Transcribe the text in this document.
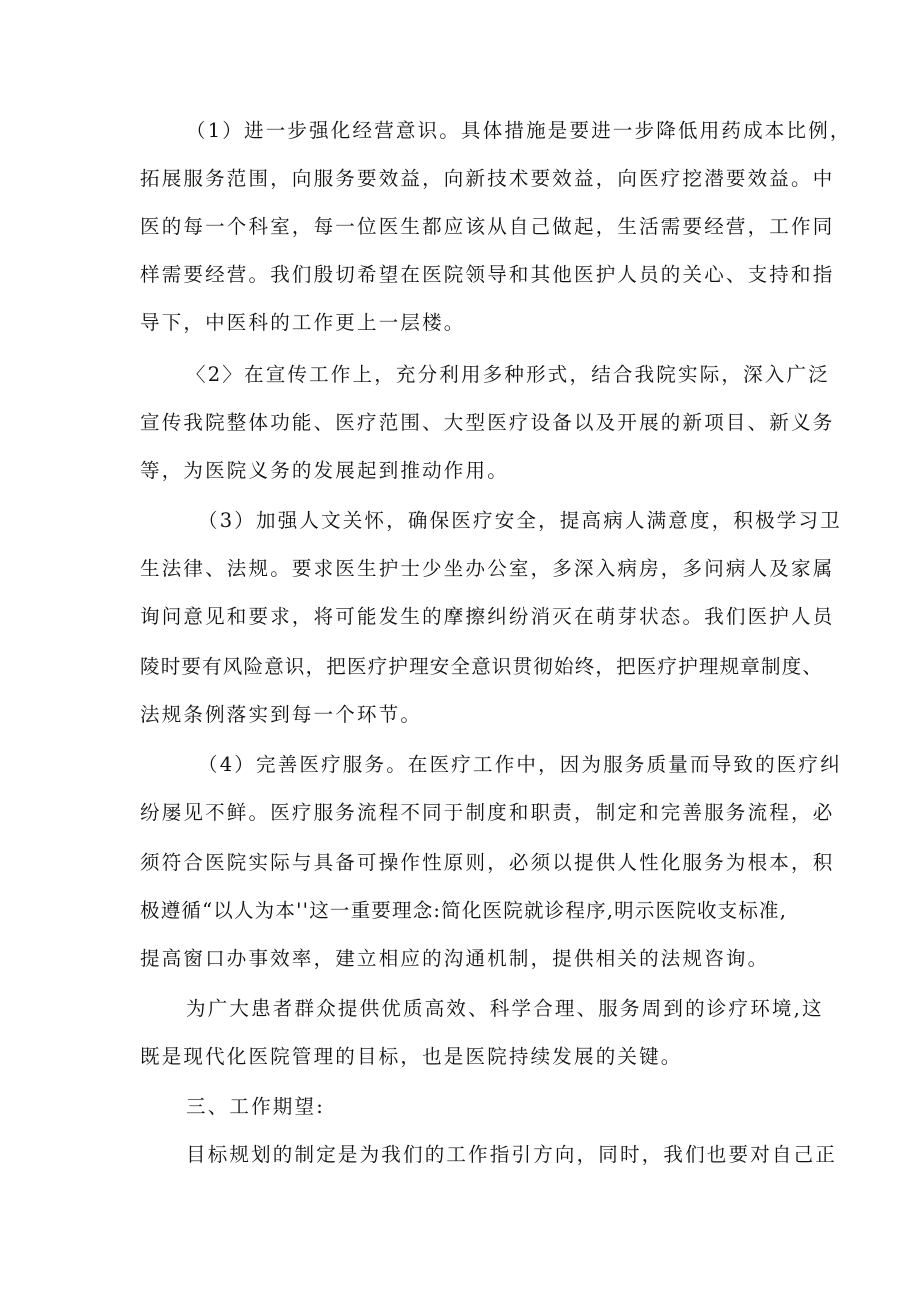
（1）进一步强化经营意识。具体措施是要进一步降低用药成本比例，
拓展服务范围，向服务要效益，向新技术要效益，向医疗挖潜要效益。中
医的每一个科室，每一位医生都应该从自己做起，生活需要经营，工作同
样需要经营。我们殷切希望在医院领导和其他医护人员的关心、支持和指
导下，中医科的工作更上一层楼。
〈2〉在宣传工作上，充分利用多种形式，结合我院实际，深入广泛
宣传我院整体功能、医疗范围、大型医疗设备以及开展的新项目、新义务
等，为医院义务的发展起到推动作用。
（3）加强人文关怀，确保医疗安全，提高病人满意度，积极学习卫
生法律、法规。要求医生护士少坐办公室，多深入病房，多问病人及家属
询问意见和要求，将可能发生的摩擦纠纷消灭在萌芽状态。我们医护人员
陵时要有风险意识，把医疗护理安全意识贯彻始终，把医疗护理规章制度、
法规条例落实到每一个环节。
（4）完善医疗服务。在医疗工作中，因为服务质量而导致的医疗纠
纷屡见不鲜。医疗服务流程不同于制度和职责，制定和完善服务流程，必
须符合医院实际与具备可操作性原则，必须以提供人性化服务为根本，积
极遵循“以人为本''这一重要理念:简化医院就诊程序,明示医院收支标准,
提高窗口办事效率，建立相应的沟通机制，提供相关的法规咨询。
为广大患者群众提供优质高效、科学合理、服务周到的诊疗环境,这
既是现代化医院管理的目标，也是医院持续发展的关键。
三、工作期望:
目标规划的制定是为我们的工作指引方向，同时，我们也要对自己正
